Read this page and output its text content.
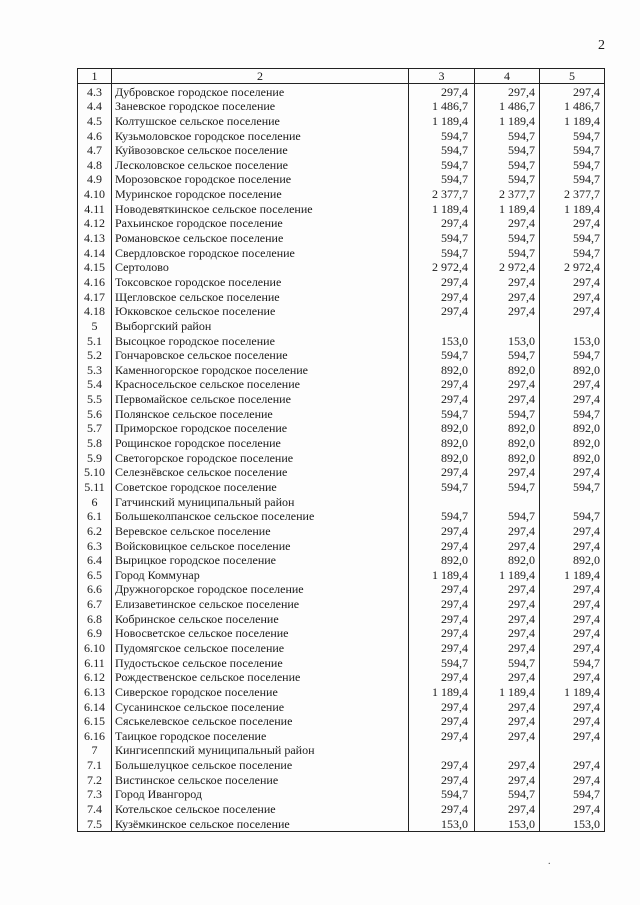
2
1	2	3	4	5
4.3	Дубровское городское поселение	297,4	297,4	297,4
4.4	Заневское городское поселение	1 486,7	1 486,7	1 486,7
4.5	Колтушское сельское поселение	1 189,4	1 189,4	1 189,4
4.6	Кузьмоловское городское поселение	594,7	594,7	594,7
4.7	Куйвозовское сельское поселение	594,7	594,7	594,7
4.8	Лесколовское сельское поселение	594,7	594,7	594,7
4.9	Морозовское городское поселение	594,7	594,7	594,7
4.10	Муринское городское поселение	2 377,7	2 377,7	2 377,7
4.11	Новодевяткинское сельское поселение	1 189,4	1 189,4	1 189,4
4.12	Рахьинское городское поселение	297,4	297,4	297,4
4.13	Романовское сельское поселение	594,7	594,7	594,7
4.14	Свердловское городское поселение	594,7	594,7	594,7
4.15	Сертолово	2 972,4	2 972,4	2 972,4
4.16	Токсовское городское поселение	297,4	297,4	297,4
4.17	Щегловское сельское поселение	297,4	297,4	297,4
4.18	Юкковское сельское поселение	297,4	297,4	297,4
5	Выборгский район			
5.1	Высоцкое городское поселение	153,0	153,0	153,0
5.2	Гончаровское сельское поселение	594,7	594,7	594,7
5.3	Каменногорское городское поселение	892,0	892,0	892,0
5.4	Красносельское сельское поселение	297,4	297,4	297,4
5.5	Первомайское сельское поселение	297,4	297,4	297,4
5.6	Полянское сельское поселение	594,7	594,7	594,7
5.7	Приморское городское поселение	892,0	892,0	892,0
5.8	Рощинское городское поселение	892,0	892,0	892,0
5.9	Светогорское городское поселение	892,0	892,0	892,0
5.10	Селезнёвское сельское поселение	297,4	297,4	297,4
5.11	Советское городское поселение	594,7	594,7	594,7
6	Гатчинский муниципальный район			
6.1	Большеколпанское сельское поселение	594,7	594,7	594,7
6.2	Веревское сельское поселение	297,4	297,4	297,4
6.3	Войсковицкое сельское поселение	297,4	297,4	297,4
6.4	Вырицкое городское поселение	892,0	892,0	892,0
6.5	Город Коммунар	1 189,4	1 189,4	1 189,4
6.6	Дружногорское городское поселение	297,4	297,4	297,4
6.7	Елизаветинское сельское поселение	297,4	297,4	297,4
6.8	Кобринское сельское поселение	297,4	297,4	297,4
6.9	Новосветское сельское поселение	297,4	297,4	297,4
6.10	Пудомягское сельское поселение	297,4	297,4	297,4
6.11	Пудостьское сельское поселение	594,7	594,7	594,7
6.12	Рождественское сельское поселение	297,4	297,4	297,4
6.13	Сиверское городское поселение	1 189,4	1 189,4	1 189,4
6.14	Сусанинское сельское поселение	297,4	297,4	297,4
6.15	Сяськелевское сельское поселение	297,4	297,4	297,4
6.16	Таицкое городское поселение	297,4	297,4	297,4
7	Кингисеппский муниципальный район			
7.1	Большелуцкое сельское поселение	297,4	297,4	297,4
7.2	Вистинское сельское поселение	297,4	297,4	297,4
7.3	Город Ивангород	594,7	594,7	594,7
7.4	Котельское сельское поселение	297,4	297,4	297,4
7.5	Кузёмкинское сельское поселение	153,0	153,0	153,0
.
